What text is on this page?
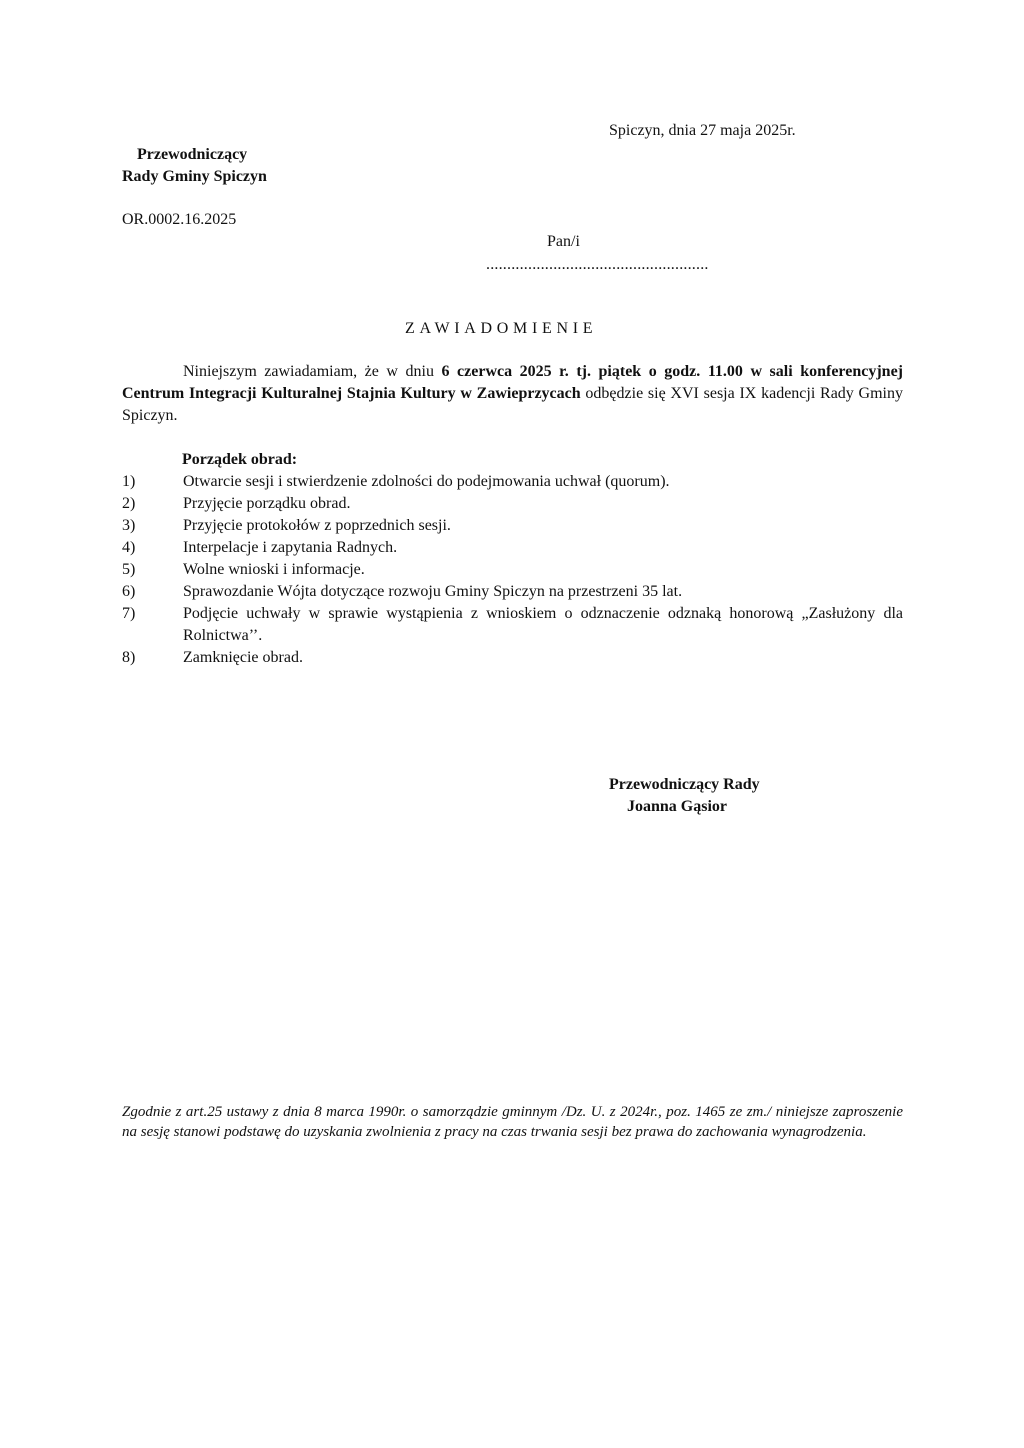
Spiczyn, dnia 27 maja 2025r.
Przewodniczący
Rady Gminy Spiczyn
OR.0002.16.2025
Pan/i
.....................................................
ZAWIADOMIENIE
Niniejszym zawiadamiam, że w dniu 6 czerwca 2025 r. tj. piątek o godz. 11.00 w sali konferencyjnej Centrum Integracji Kulturalnej Stajnia Kultury w Zawieprzycach odbędzie się XVI sesja IX kadencji Rady Gminy Spiczyn.
Porządek obrad:
1)	Otwarcie sesji i stwierdzenie zdolności do podejmowania uchwał (quorum).
2)	Przyjęcie porządku obrad.
3)	Przyjęcie protokołów z poprzednich sesji.
4)	Interpelacje i zapytania Radnych.
5)	Wolne wnioski i informacje.
6)	Sprawozdanie Wójta dotyczące rozwoju Gminy Spiczyn na przestrzeni 35 lat.
7)	Podjęcie uchwały w sprawie wystąpienia z wnioskiem o odznaczenie odznaką honorową „Zasłużony dla Rolnictwa’’.
8)	Zamknięcie obrad.
Przewodniczący Rady
Joanna Gąsior
Zgodnie z art.25 ustawy z dnia 8 marca 1990r. o samorządzie gminnym /Dz. U. z 2024r., poz. 1465 ze zm./ niniejsze zaproszenie na sesję stanowi podstawę do uzyskania zwolnienia z pracy na czas trwania sesji bez prawa do zachowania wynagrodzenia.
